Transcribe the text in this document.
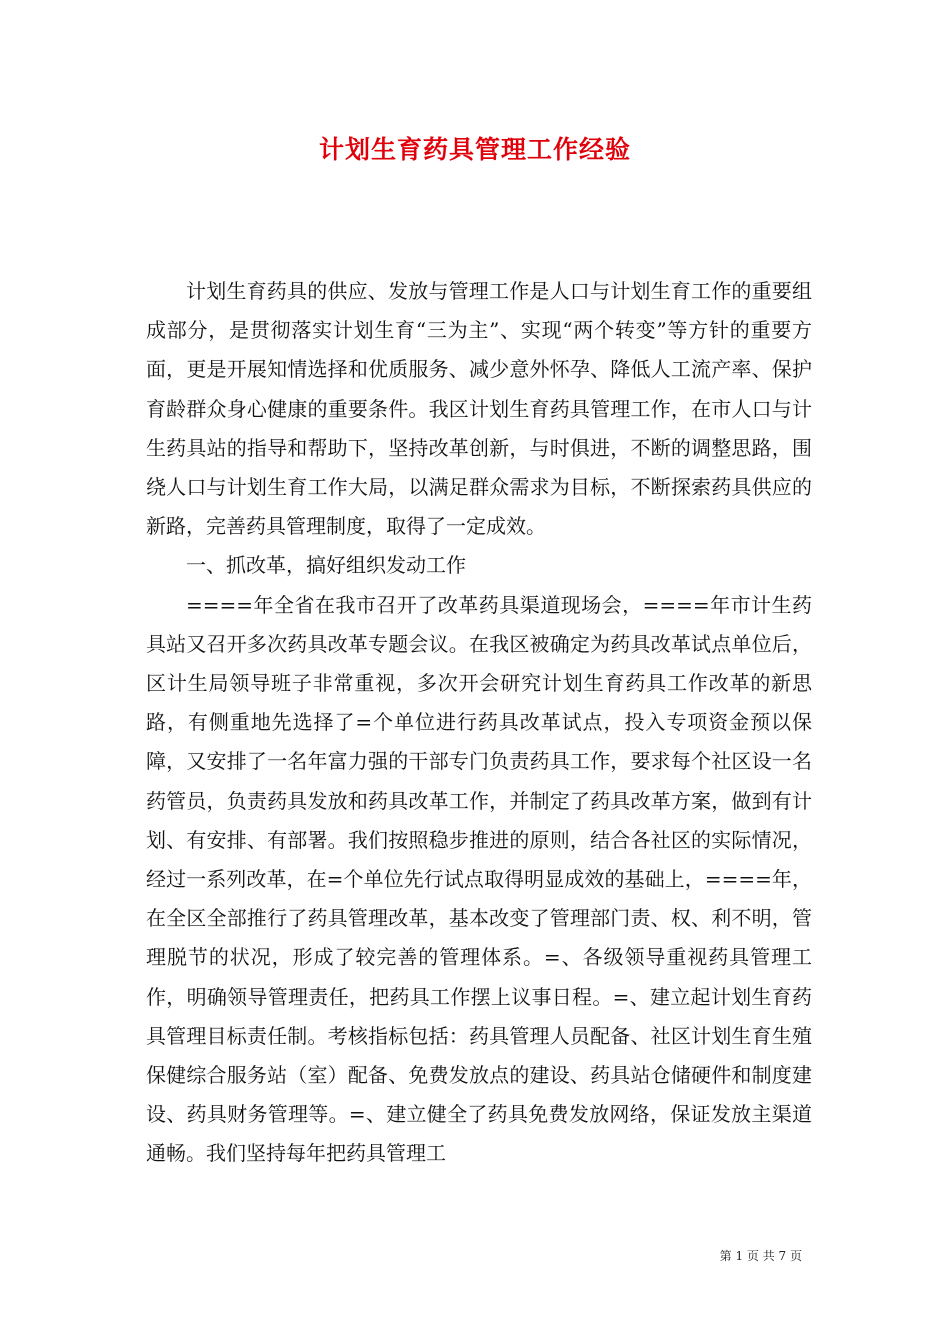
计划生育药具管理工作经验

计划生育药具的供应、发放与管理工作是人口与计划生育工作的重要组成部分，是贯彻落实计划生育“三为主”、实现“两个转变”等方针的重要方面，更是开展知情选择和优质服务、减少意外怀孕、降低人工流产率、保护育龄群众身心健康的重要条件。我区计划生育药具管理工作，在市人口与计生药具站的指导和帮助下，坚持改革创新，与时俱进，不断的调整思路，围绕人口与计划生育工作大局，以满足群众需求为目标，不断探索药具供应的新路，完善药具管理制度，取得了一定成效。

一、抓改革，搞好组织发动工作

====年全省在我市召开了改革药具渠道现场会，====年市计生药具站又召开多次药具改革专题会议。在我区被确定为药具改革试点单位后，区计生局领导班子非常重视，多次开会研究计划生育药具工作改革的新思路，有侧重地先选择了=个单位进行药具改革试点，投入专项资金预以保障，又安排了一名年富力强的干部专门负责药具工作，要求每个社区设一名药管员，负责药具发放和药具改革工作，并制定了药具改革方案，做到有计划、有安排、有部署。我们按照稳步推进的原则，结合各社区的实际情况，经过一系列改革，在=个单位先行试点取得明显成效的基础上，====年，在全区全部推行了药具管理改革，基本改变了管理部门责、权、利不明，管理脱节的状况，形成了较完善的管理体系。=、各级领导重视药具管理工作，明确领导管理责任，把药具工作摆上议事日程。=、建立起计划生育药具管理目标责任制。考核指标包括：药具管理人员配备、社区计划生育生殖保健综合服务站（室）配备、免费发放点的建设、药具站仓储硬件和制度建设、药具财务管理等。=、建立健全了药具免费发放网络，保证发放主渠道通畅。我们坚持每年把药具管理工

第 1 页 共 7 页
